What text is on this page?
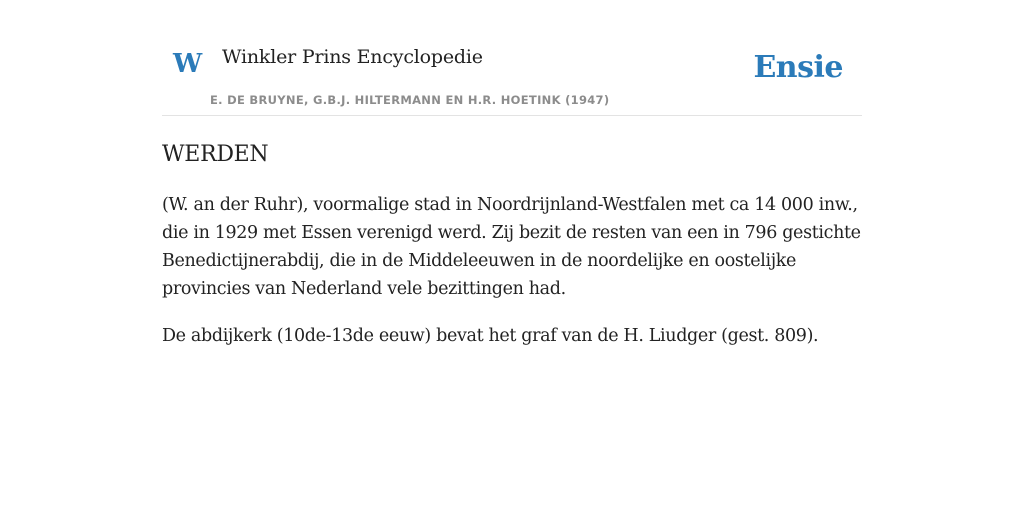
W Winkler Prins Encyclopedie
E. DE BRUYNE, G.B.J. HILTERMANN EN H.R. HOETINK (1947)
Ensie
WERDEN

(W. an der Ruhr), voormalige stad in Noordrijnland-Westfalen met ca 14 000 inw., die in 1929 met Essen verenigd werd. Zij bezit de resten van een in 796 gestichte Benedictijnerabdij, die in de Middeleeuwen in de noordelijke en oostelijke provincies van Nederland vele bezittingen had.

De abdijkerk (10de-13de eeuw) bevat het graf van de H. Liudger (gest. 809).
